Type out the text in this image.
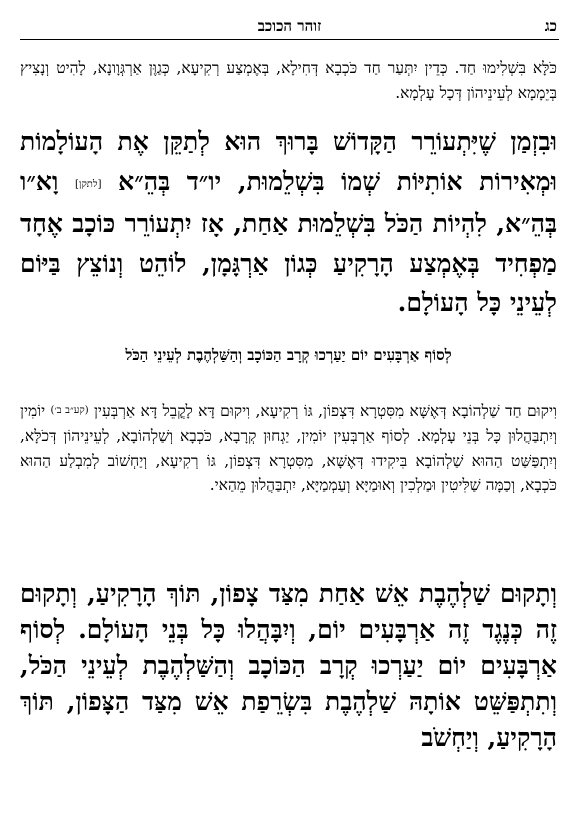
כג
זוהר הכוכב
כֹּלָּא בִּשְׁלִימוּ חַד. כְּדֵין יִתְּעַר חַד כֹּכְבָא דְּחִילָא, בְּאֶמְצַע רְקִיעָא, כְּגַוֶּן אַרְגְּוָונָא, לָהִיט וְנָצִיץ בְּיֵמָמָא לְעֵינֵיהוֹן דְּכָל עָלְמָא.
וּבִזְמַן שֶׁיִּתְעוֹרֵר הַקָּדוֹשׁ בָּרוּךְ הוּא לְתַקֵּן אֶת הָעוֹלָמוֹת וּמְאִירוֹת אוֹתִיּוֹת שְׁמוֹ בִּשְׁלֵמוּת, יו״ד בְּהֵ״א [לתקן] וָא״ו בְּהֵ״א, לִהְיוֹת הַכֹּל בִּשְׁלֵמוּת אַחַת, אָז יִתְעוֹרֵר כּוֹכָב אֶחָד מַפְחִיד בְּאֶמְצַע הָרָקִיעַ כְּגוֹן אַרְגָּמָן, לוֹהֵט וְנוֹצֵץ בַּיּוֹם לְעֵינֵי כָּל הָעוֹלָם.
לְסוֹף אַרְבָּעִים יוֹם יַעַרְכוּ קְרָב הַכּוֹכָב וְהַשַּׁלְהֶבֶת לְעֵינֵי הַכֹּל
וִיקוּם חַד שַׁלְהוֹבָא דְּאֶשָּׁא מִסִּטְרָא דִּצְפוֹן, גּוֹ רְקִיעָא, וִיקוּם דָּא לָקֳבֵל דָּא אַרְבְּעִין (קע״ב ב׳) יוֹמִין וְיִתְבַּהֲלוּן כָּל בְּנֵי עָלְמָא. לְסוֹף אַרְבְּעִין יוֹמִין, יַגְחוּן קְרָבָא, כֹּכְבָא וְשַׁלְהוֹבָא, לְעֵינֵיהוֹן דְּכֹלָּא, וְיִתְפַּשַּׁט הַהוּא שַׁלְהוֹבָא בִּיקִידוּ דְּאֶשָּׁא, מִסִּטְרָא דִּצְפוֹן, גּוֹ רְקִיעָא, וְיַחְשׁוֹב לְמִבְלַע הַהוּא כֹּכְבָא, וְכַמָּה שַׁלִּיטִין וּמַלְכִין וְאוּמַיָּא וְעַמְמַיָּא, יִתְבַּהֲלוּן מֵהַאי.
וְתָקוּם שַׁלְהֶבֶת אֵשׁ אַחַת מִצַּד צָפוֹן, תּוֹךְ הָרָקִיעַ, וְתָקוּם זֶה כְּנֶגֶד זֶה אַרְבָּעִים יוֹם, וְיִבָּהֲלוּ כָּל בְּנֵי הָעוֹלָם. לְסוֹף אַרְבָּעִים יוֹם יַעַרְכוּ קְרָב הַכּוֹכָב וְהַשַּׁלְהֶבֶת לְעֵינֵי הַכֹּל, וְתִתְפַּשֵּׁט אוֹתָהּ שַׁלְהֶבֶת בִּשְׂרֵפַת אֵשׁ מִצַּד הַצָּפוֹן, תּוֹךְ הָרָקִיעַ, וְיַחְשֹׁב
